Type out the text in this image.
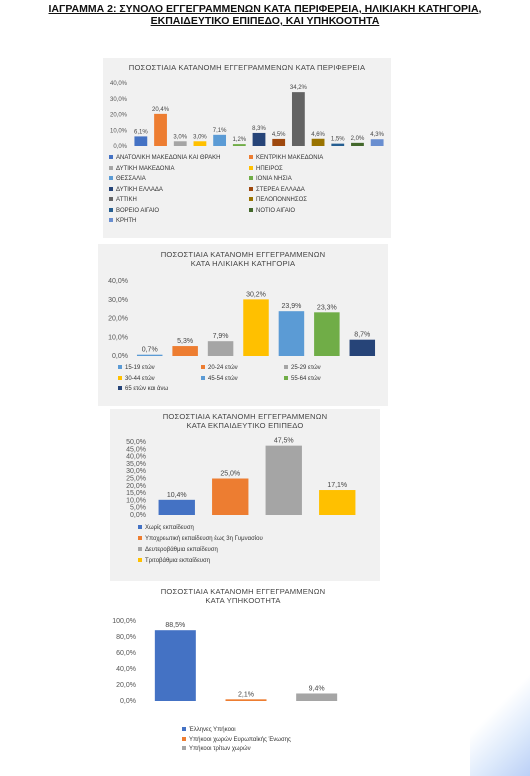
ΙΑΓΡΑΜΜΑ 2: ΣΥΝΟΛΟ ΕΓΓΕΓΡΑΜΜΕΝΩΝ ΚΑΤΑ ΠΕΡΙΦΕΡΕΙΑ, ΗΛΙΚΙΑΚΗ ΚΑΤΗΓΟΡΙΑ,
ΕΚΠΑΙΔΕΥΤΙΚΟ ΕΠΙΠΕΔΟ, ΚΑΙ ΥΠΗΚΟΟΤΗΤΑ
ΠΟΣΟΣΤΙΑΙΑ ΚΑΤΑΝΟΜΗ ΕΓΓΕΓΡΑΜΜΕΝΩΝ ΚΑΤΑ ΠΕΡΙΦΕΡΕΙΑ
0,0%
10,0%
20,0%
30,0%
40,0%
6,1%
20,4%
3,0% 3,0%
7,1%
1,2%
8,3%
4,5%
34,2%
4,6%
1,5% 2,0%
4,3%
ΑΝΑΤΟΛΙΚΗ ΜΑΚΕΔΟΝΙΑ ΚΑΙ ΘΡΑΚΗ	ΚΕΝΤΡΙΚΗ ΜΑΚΕΔΟΝΙΑ
ΔΥΤΙΚΗ ΜΑΚΕΔΟΝΙΑ	ΗΠΕΙΡΟΣ
ΘΕΣΣΑΛΙΑ	ΙΟΝΙΑ ΝΗΣΙΑ
ΔΥΤΙΚΗ ΕΛΛΑΔΑ	ΣΤΕΡΕΑ ΕΛΛΑΔΑ
ΑΤΤΙΚΗ	ΠΕΛΟΠΟΝΝΗΣΟΣ
ΒΟΡΕΙΟ ΑΙΓΑΙΟ	ΝΟΤΙΟ ΑΙΓΑΙΟ
ΚΡΗΤΗ
ΠΟΣΟΣΤΙΑΙΑ ΚΑΤΑΝΟΜΗ ΕΓΓΕΓΡΑΜΜΕΝΩΝ
ΚΑΤΑ ΗΛΙΚΙΑΚΗ ΚΑΤΗΓΟΡΙΑ
0,0%
10,0%
20,0%
30,0%
40,0%
0,7%
5,3%
7,9%
30,2%
23,9% 23,3%
8,7%
15-19 ετών	20-24 ετών	25-29 ετών
30-44 ετών	45-54 ετών	55-64 ετών
65 ετών και άνω
ΠΟΣΟΣΤΙΑΙΑ ΚΑΤΑΝΟΜΗ ΕΓΓΕΓΡΑΜΜΕΝΩΝ
ΚΑΤΑ ΕΚΠΑΙΔΕΥΤΙΚΟ ΕΠΙΠΕΔΟ
0,0%
5,0%
10,0%
15,0%
20,0%
25,0%
30,0%
35,0%
40,0%
45,0%
50,0%
10,4%
25,0%
47,5%
17,1%
Χωρίς εκπαίδευση
Υποχρεωτική εκπαίδευση έως 3η Γυμνασίου
Δευτεροβάθμια εκπαίδευση
Τριτοβάθμια εκπαίδευση
ΠΟΣΟΣΤΙΑΙΑ ΚΑΤΑΝΟΜΗ ΕΓΓΕΓΡΑΜΜΕΝΩΝ
ΚΑΤΑ ΥΠΗΚΟΟΤΗΤΑ
0,0%
20,0%
40,0%
60,0%
80,0%
100,0%
88,5%
2,1%
9,4%
Έλληνες Υπήκοοι
Υπήκοοι χωρών Ευρωπαϊκής Ένωσης
Υπήκοοι τρίτων χωρών
